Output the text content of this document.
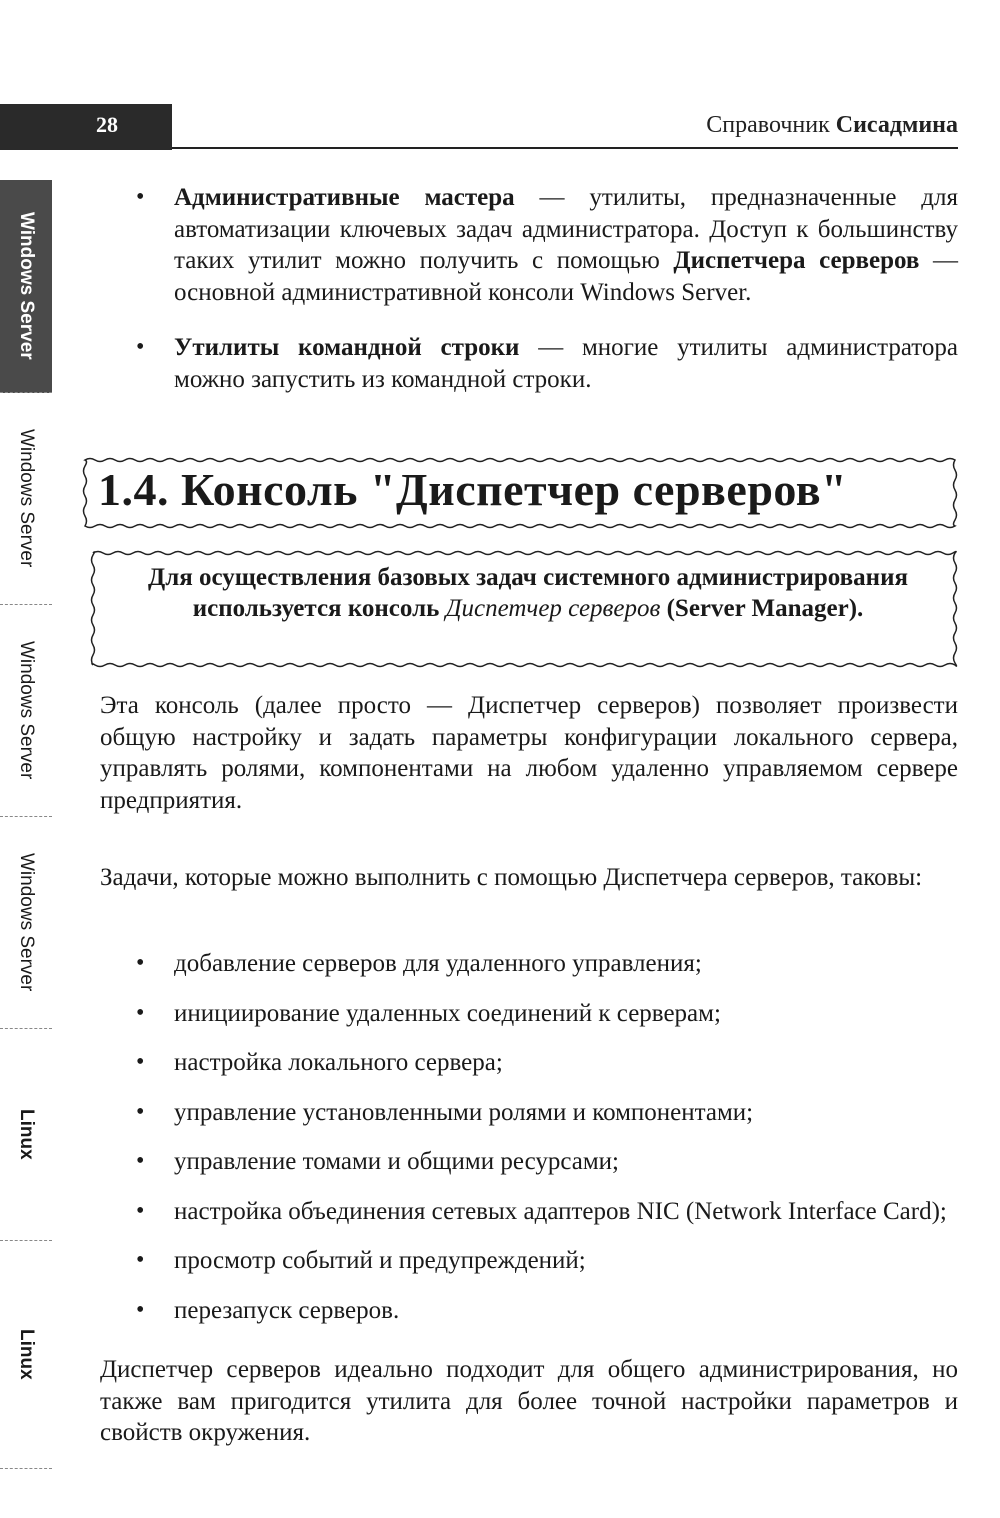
28	Справочник Сисадмина
Windows Server
Windows Server
Windows Server
Windows Server
Linux
Linux
• Административные мастера — утилиты, предназначенные для автоматизации ключевых задач администратора. Доступ к большинству таких утилит можно получить с помощью Диспетчера серверов — основной административной консоли Windows Server.
• Утилиты командной строки — многие утилиты администратора можно запустить из командной строки.
1.4. Консоль "Диспетчер серверов"
Для осуществления базовых задач системного администрирования используется консоль Диспетчер серверов (Server Manager).

Эта консоль (далее просто — Диспетчер серверов) позволяет произвести общую настройку и задать параметры конфигурации локального сервера, управлять ролями, компонентами на любом удаленно управляемом сервере предприятия.

Задачи, которые можно выполнить с помощью Диспетчера серверов, таковы:

• добавление серверов для удаленного управления;
• инициирование удаленных соединений к серверам;
• настройка локального сервера;
• управление установленными ролями и компонентами;
• управление томами и общими ресурсами;
• настройка объединения сетевых адаптеров NIC (Network Interface Card);
• просмотр событий и предупреждений;
• перезапуск серверов.

Диспетчер серверов идеально подходит для общего администрирования, но также вам пригодится утилита для более точной настройки параметров и свойств окружения.
